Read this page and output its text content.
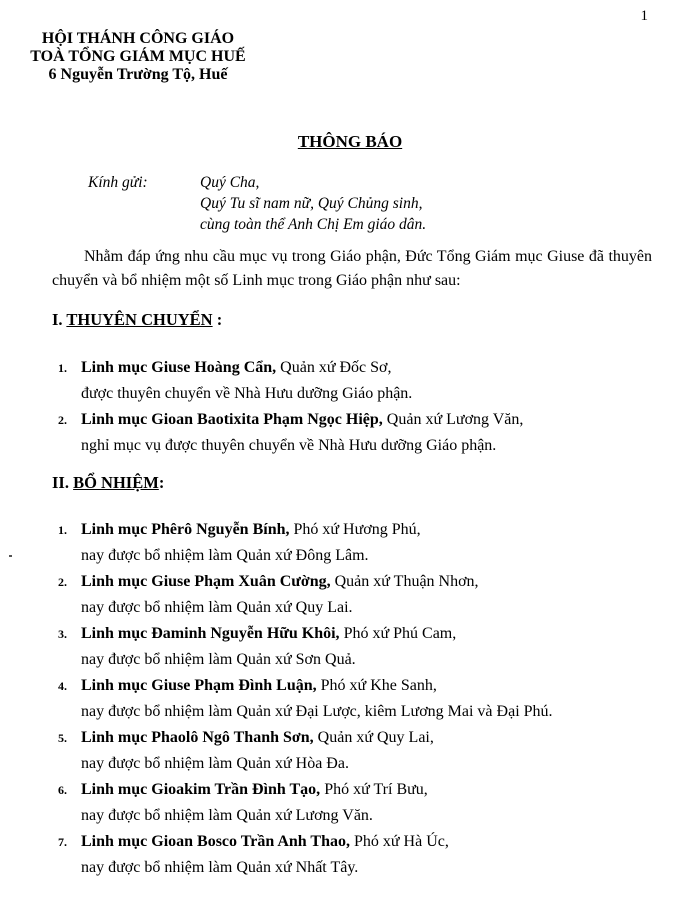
1
HỘI THÁNH CÔNG GIÁO
TOÀ TỔNG GIÁM MỤC HUẾ
6 Nguyễn Trường Tộ, Huế
THÔNG BÁO
Kính gửi:	Quý Cha,
Quý Tu sĩ nam nữ, Quý Chủng sinh,
cùng toàn thể Anh Chị Em giáo dân.
Nhằm đáp ứng nhu cầu mục vụ trong Giáo phận, Đức Tổng Giám mục Giuse đã thuyên chuyển và bổ nhiệm một số Linh mục trong Giáo phận như sau:
I. THUYÊN CHUYỂN :
1. Linh mục Giuse Hoàng Cẩn, Quản xứ Đốc Sơ,
được thuyên chuyển về Nhà Hưu dưỡng Giáo phận.
2. Linh mục Gioan Baotixita Phạm Ngọc Hiệp, Quản xứ Lương Văn,
nghỉ mục vụ được thuyên chuyển về Nhà Hưu dưỡng Giáo phận.
II. BỔ NHIỆM:
1. Linh mục Phêrô Nguyễn Bính, Phó xứ Hương Phú,
nay được bổ nhiệm làm Quản xứ Đông Lâm.
2. Linh mục Giuse Phạm Xuân Cường, Quản xứ Thuận Nhơn,
nay được bổ nhiệm làm Quản xứ Quy Lai.
3. Linh mục Đaminh Nguyễn Hữu Khôi, Phó xứ Phú Cam,
nay được bổ nhiệm làm Quản xứ Sơn Quả.
4. Linh mục Giuse Phạm Đình Luận, Phó xứ Khe Sanh,
nay được bổ nhiệm làm Quản xứ Đại Lược, kiêm Lương Mai và Đại Phú.
5. Linh mục Phaolô Ngô Thanh Sơn, Quản xứ Quy Lai,
nay được bổ nhiệm làm Quản xứ Hòa Đa.
6. Linh mục Gioakim Trần Đình Tạo, Phó xứ Trí Bưu,
nay được bổ nhiệm làm Quản xứ Lương Văn.
7. Linh mục Gioan Bosco Trần Anh Thao, Phó xứ Hà Úc,
nay được bổ nhiệm làm Quản xứ Nhất Tây.
